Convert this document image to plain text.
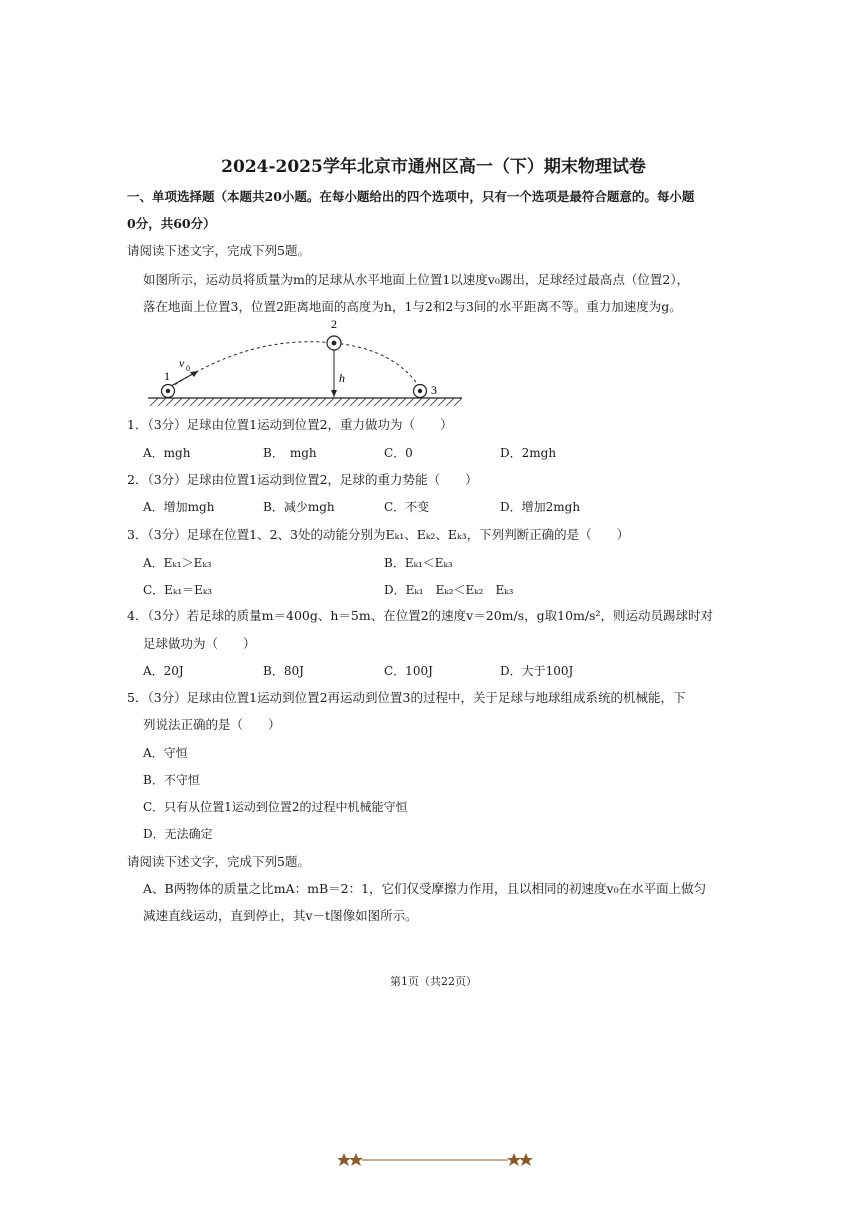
2024-2025学年北京市通州区高一（下）期末物理试卷
一、单项选择题（本题共20小题。在每小题给出的四个选项中，只有一个选项是最符合题意的。每小题
0分，共60分）
请阅读下述文字，完成下列5题。
如图所示，运动员将质量为m的足球从水平地面上位置1以速度v₀踢出，足球经过最高点（位置2），
落在地面上位置3，位置2距离地面的高度为h，1与2和2与3间的水平距离不等。重力加速度为g。
1
2
3
v 0
h
1．（3分）足球由位置1运动到位置2，重力做功为（　　）
A．mgh	B．　mgh	C．0	D．2mgh
2．（3分）足球由位置1运动到位置2，足球的重力势能（　　）
A．增加mgh	B．减少mgh	C．不变	D．增加2mgh
3．（3分）足球在位置1、2、3处的动能分别为Eₖ₁、Eₖ₂、Eₖ₃，下列判断正确的是（　　）
A．Eₖ₁＞Eₖ₃	B．Eₖ₁＜Eₖ₃
C．Eₖ₁＝Eₖ₃	D．Eₖ₁　Eₖ₂＜Eₖ₂　Eₖ₃
4．（3分）若足球的质量m＝400g、h＝5m、在位置2的速度v＝20m/s，g取10m/s²，则运动员踢球时对
足球做功为（　　）
A．20J	B．80J	C．100J	D．大于100J
5．（3分）足球由位置1运动到位置2再运动到位置3的过程中，关于足球与地球组成系统的机械能，下
列说法正确的是（　　）
A．守恒
B．不守恒
C．只有从位置1运动到位置2的过程中机械能守恒
D．无法确定
请阅读下述文字，完成下列5题。
A、B两物体的质量之比mA：mB＝2：1，它们仅受摩擦力作用，且以相同的初速度v₀在水平面上做匀
减速直线运动，直到停止，其v－t图像如图所示。
第1页（共22页）
